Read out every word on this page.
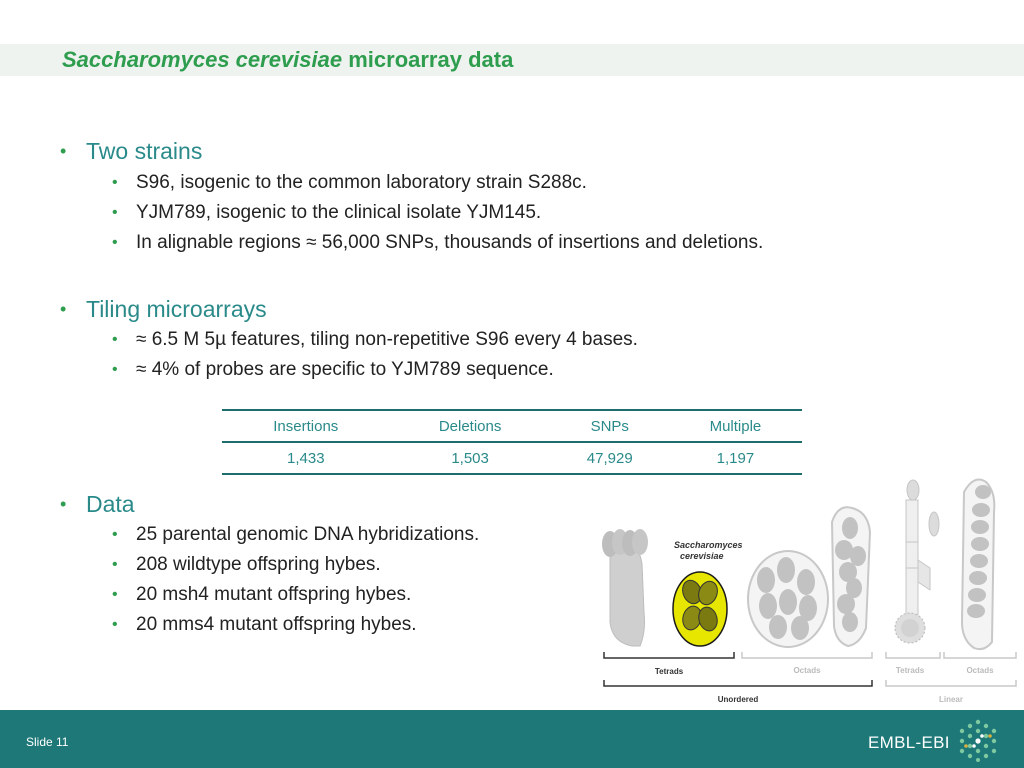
Saccharomyces cerevisiae microarray data
• Two strains
• S96, isogenic to the common laboratory strain S288c.
• YJM789, isogenic to the clinical isolate YJM145.
• In alignable regions ≈ 56,000 SNPs, thousands of insertions and deletions.
• Tiling microarrays
• ≈ 6.5 M 5µ features, tiling non-repetitive S96 every 4 bases.
• ≈ 4% of probes are specific to YJM789 sequence.
• Data
• 25 parental genomic DNA hybridizations.
• 208 wildtype offspring hybes.
• 20 msh4 mutant offspring hybes.
• 20 mms4 mutant offspring hybes.
Insertions	Deletions	SNPs	Multiple
1,433	1,503	47,929	1,197
Saccharomyces
cerevisiae
Tetrads	Octads	Tetrads	Octads
Unordered	Linear
Slide 11	EMBL-EBI
